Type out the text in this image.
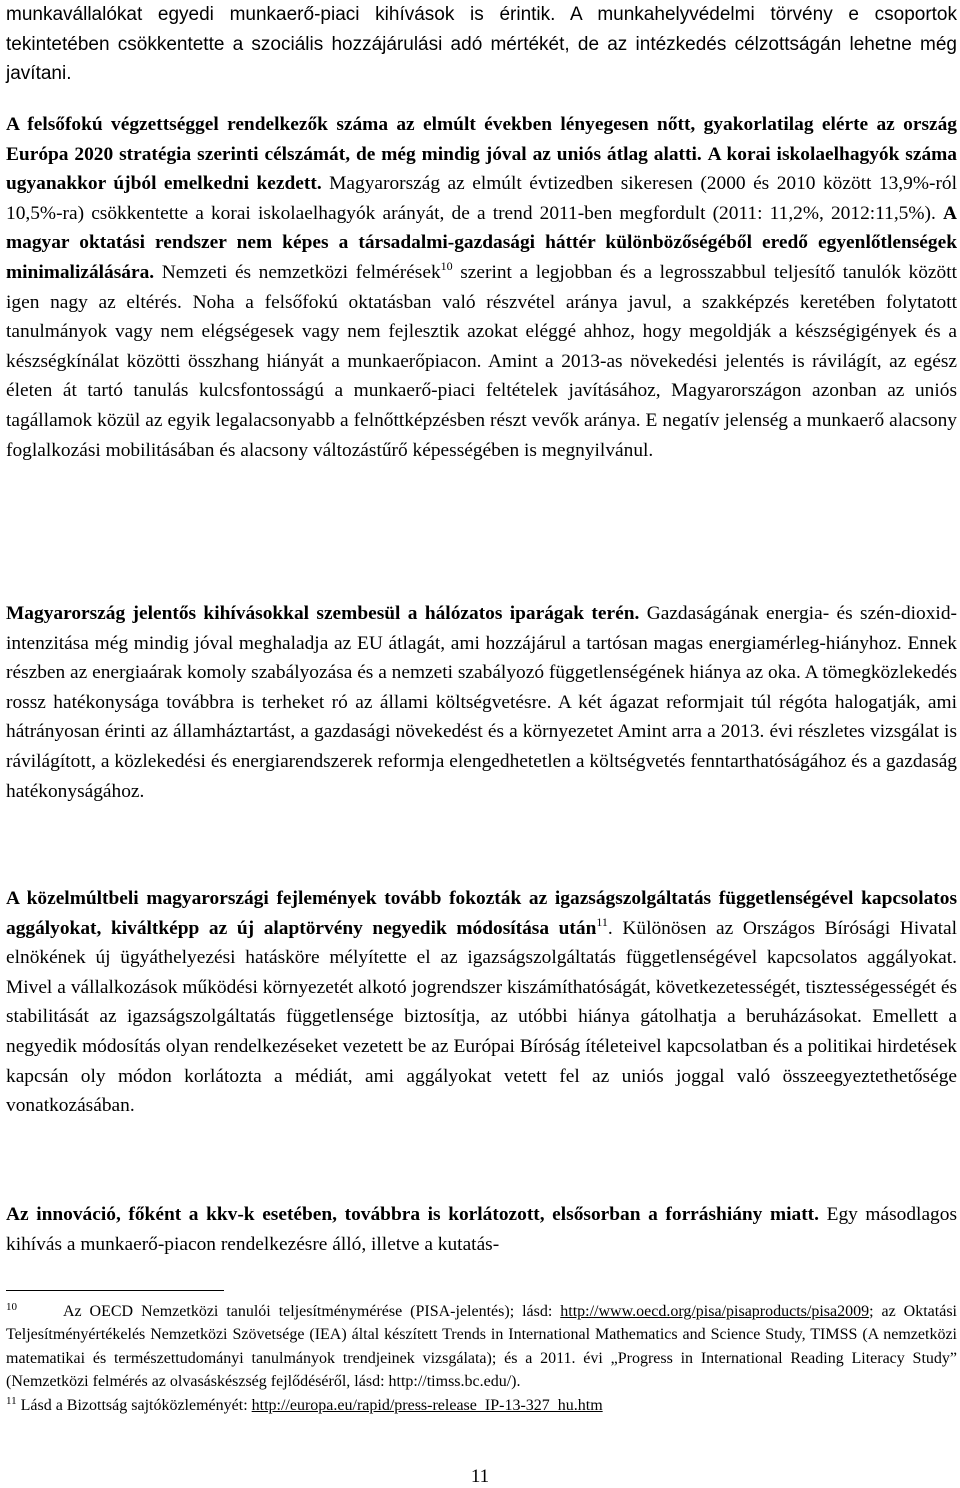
munkavállalókat egyedi munkaerő-piaci kihívások is érintik. A munkahelyvédelmi törvény e csoportok tekintetében csökkentette a szociális hozzájárulási adó mértékét, de az intézkedés célzottságán lehetne még javítani.

A felsőfokú végzettséggel rendelkezők száma az elmúlt években lényegesen nőtt, gyakorlatilag elérte az ország Európa 2020 stratégia szerinti célszámát, de még mindig jóval az uniós átlag alatti. A korai iskolaelhagyók száma ugyanakkor újból emelkedni kezdett. Magyarország az elmúlt évtizedben sikeresen (2000 és 2010 között 13,9%-ról 10,5%-ra) csökkentette a korai iskolaelhagyók arányát, de a trend 2011-ben megfordult (2011: 11,2%, 2012:11,5%). A magyar oktatási rendszer nem képes a társadalmi-gazdasági háttér különbözőségéből eredő egyenlőtlenségek minimalizálására. Nemzeti és nemzetközi felmérések$^{10}$ szerint a legjobban és a legrosszabbul teljesítő tanulók között igen nagy az eltérés. Noha a felsőfokú oktatásban való részvétel aránya javul, a szakképzés keretében folytatott tanulmányok vagy nem elégségesek vagy nem fejlesztik azokat eléggé ahhoz, hogy megoldják a készségigények és a készségkínálat közötti összhang hiányát a munkaerőpiacon. Amint a 2013-as növekedési jelentés is rávilágít, az egész életen át tartó tanulás kulcsfontosságú a munkaerő-piaci feltételek javításához, Magyarországon azonban az uniós tagállamok közül az egyik legalacsonyabb a felnőttképzésben részt vevők aránya. E negatív jelenség a munkaerő alacsony foglalkozási mobilitásában és alacsony változástűrő képességében is megnyilvánul.

Magyarország jelentős kihívásokkal szembesül a hálózatos iparágak terén. Gazdaságának energia- és szén-dioxid-intenzitása még mindig jóval meghaladja az EU átlagát, ami hozzájárul a tartósan magas energiamérleg-hiányhoz. Ennek részben az energiaárak komoly szabályozása és a nemzeti szabályozó függetlenségének hiánya az oka. A tömegközlekedés rossz hatékonysága továbbra is terheket ró az állami költségvetésre. A két ágazat reformjait túl régóta halogatják, ami hátrányosan érinti az államháztartást, a gazdasági növekedést és a környezetet Amint arra a 2013. évi részletes vizsgálat is rávilágított, a közlekedési és energiarendszerek reformja elengedhetetlen a költségvetés fenntarthatóságához és a gazdaság hatékonyságához.

A közelmúltbeli magyarországi fejlemények tovább fokozták az igazságszolgáltatás függetlenségével kapcsolatos aggályokat, kiváltképp az új alaptörvény negyedik módosítása után$^{11}$. Különösen az Országos Bírósági Hivatal elnökének új ügyáthelyezési hatásköre mélyítette el az igazságszolgáltatás függetlenségével kapcsolatos aggályokat. Mivel a vállalkozások működési környezetét alkotó jogrendszer kiszámíthatóságát, következetességét, tisztességességét és stabilitását az igazságszolgáltatás függetlensége biztosítja, az utóbbi hiánya gátolhatja a beruházásokat. Emellett a negyedik módosítás olyan rendelkezéseket vezetett be az Európai Bíróság ítéleteivel kapcsolatban és a politikai hirdetések kapcsán oly módon korlátozta a médiát, ami aggályokat vetett fel az uniós joggal való összeegyeztethetősége vonatkozásában.

Az innováció, főként a kkv-k esetében, továbbra is korlátozott, elsősorban a forráshiány miatt. Egy másodlagos kihívás a munkaerő-piacon rendelkezésre álló, illetve a kutatás-

$^{10}$	Az OECD Nemzetközi tanulói teljesítménymérése (PISA-jelentés); lásd: http://www.oecd.org/pisa/pisaproducts/pisa2009; az Oktatási Teljesítményértékelés Nemzetközi Szövetsége (IEA) által készített Trends in International Mathematics and Science Study, TIMSS (A nemzetközi matematikai és természettudományi tanulmányok trendjeinek vizsgálata); és a 2011. évi „Progress in International Reading Literacy Study” (Nemzetközi felmérés az olvasáskészség fejlődéséről, lásd: http://timss.bc.edu/).

$^{11}$ Lásd a Bizottság sajtóközleményét: http://europa.eu/rapid/press-release_IP-13-327_hu.htm

11
